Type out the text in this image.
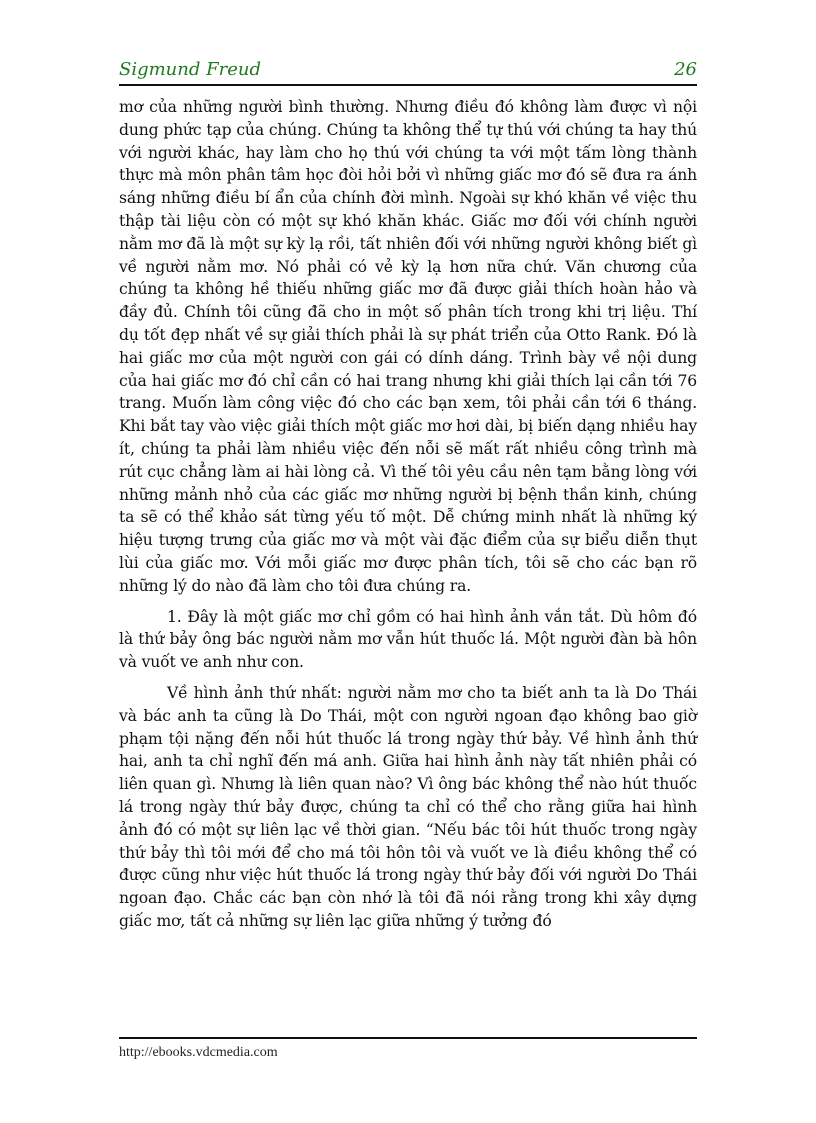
Sigmund Freud	26

mơ của những người bình thường. Nhưng điều đó không làm được vì nội dung phức tạp của chúng. Chúng ta không thể tự thú với chúng ta hay thú với người khác, hay làm cho họ thú với chúng ta với một tấm lòng thành thực mà môn phân tâm học đòi hỏi bởi vì những giấc mơ đó sẽ đưa ra ánh sáng những điều bí ẩn của chính đời mình. Ngoài sự khó khăn về việc thu thập tài liệu còn có một sự khó khăn khác. Giấc mơ đối với chính người nằm mơ đã là một sự kỳ lạ rồi, tất nhiên đối với những người không biết gì về người nằm mơ. Nó phải có vẻ kỳ lạ hơn nữa chứ. Văn chương của chúng ta không hề thiếu những giấc mơ đã được giải thích hoàn hảo và đầy đủ. Chính tôi cũng đã cho in một số phân tích trong khi trị liệu. Thí dụ tốt đẹp nhất về sự giải thích phải là sự phát triển của Otto Rank. Đó là hai giấc mơ của một người con gái có dính dáng. Trình bày về nội dung của hai giấc mơ đó chỉ cần có hai trang nhưng khi giải thích lại cần tới 76 trang. Muốn làm công việc đó cho các bạn xem, tôi phải cần tới 6 tháng. Khi bắt tay vào việc giải thích một giấc mơ hơi dài, bị biến dạng nhiều hay ít, chúng ta phải làm nhiều việc đến nỗi sẽ mất rất nhiều công trình mà rút cục chẳng làm ai hài lòng cả. Vì thế tôi yêu cầu nên tạm bằng lòng với những mảnh nhỏ của các giấc mơ những người bị bệnh thần kinh, chúng ta sẽ có thể khảo sát từng yếu tố một. Dễ chứng minh nhất là những ký hiệu tượng trưng của giấc mơ và một vài đặc điểm của sự biểu diễn thụt lùi của giấc mơ. Với mỗi giấc mơ được phân tích, tôi sẽ cho các bạn rõ những lý do nào đã làm cho tôi đưa chúng ra.

1. Đây là một giấc mơ chỉ gồm có hai hình ảnh vắn tắt. Dù hôm đó là thứ bảy ông bác người nằm mơ vẫn hút thuốc lá. Một người đàn bà hôn và vuốt ve anh như con.

Về hình ảnh thứ nhất: người nằm mơ cho ta biết anh ta là Do Thái và bác anh ta cũng là Do Thái, một con người ngoan đạo không bao giờ phạm tội nặng đến nỗi hút thuốc lá trong ngày thứ bảy. Về hình ảnh thứ hai, anh ta chỉ nghĩ đến má anh. Giữa hai hình ảnh này tất nhiên phải có liên quan gì. Nhưng là liên quan nào? Vì ông bác không thể nào hút thuốc lá trong ngày thứ bảy được, chúng ta chỉ có thể cho rằng giữa hai hình ảnh đó có một sự liên lạc về thời gian. “Nếu bác tôi hút thuốc trong ngày thứ bảy thì tôi mới để cho má tôi hôn tôi và vuốt ve là điều không thể có được cũng như việc hút thuốc lá trong ngày thứ bảy đối với người Do Thái ngoan đạo. Chắc các bạn còn nhớ là tôi đã nói rằng trong khi xây dựng giấc mơ, tất cả những sự liên lạc giữa những ý tưởng đó

http://ebooks.vdcmedia.com
